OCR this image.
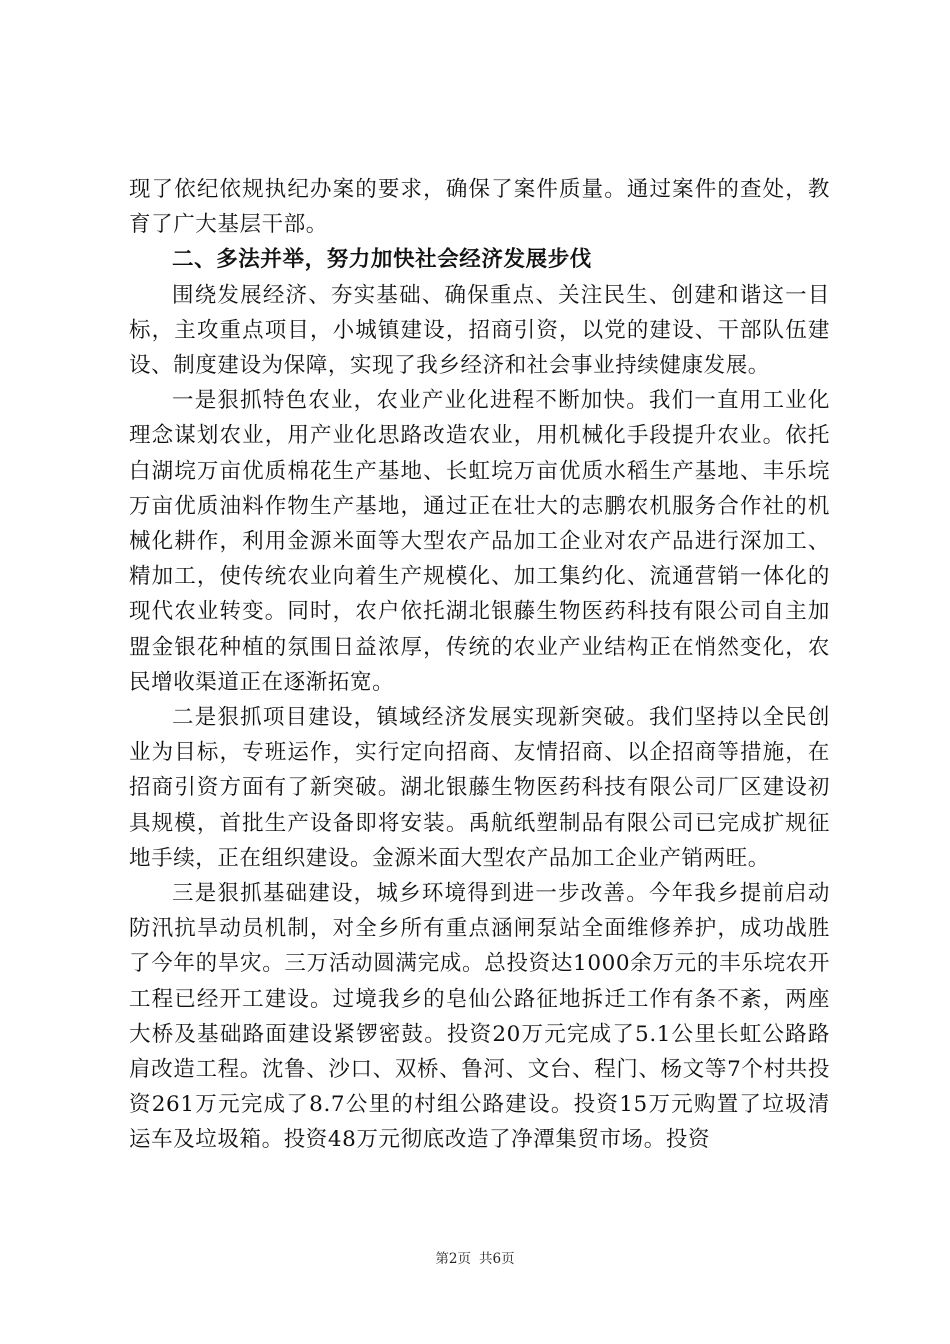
现了依纪依规执纪办案的要求，确保了案件质量。通过案件的查处，教育了广大基层干部。

二、多法并举，努力加快社会经济发展步伐

围绕发展经济、夯实基础、确保重点、关注民生、创建和谐这一目标，主攻重点项目，小城镇建设，招商引资，以党的建设、干部队伍建设、制度建设为保障，实现了我乡经济和社会事业持续健康发展。

一是狠抓特色农业，农业产业化进程不断加快。我们一直用工业化理念谋划农业，用产业化思路改造农业，用机械化手段提升农业。依托白湖垸万亩优质棉花生产基地、长虹垸万亩优质水稻生产基地、丰乐垸万亩优质油料作物生产基地，通过正在壮大的志鹏农机服务合作社的机械化耕作，利用金源米面等大型农产品加工企业对农产品进行深加工、精加工，使传统农业向着生产规模化、加工集约化、流通营销一体化的现代农业转变。同时，农户依托湖北银藤生物医药科技有限公司自主加盟金银花种植的氛围日益浓厚，传统的农业产业结构正在悄然变化，农民增收渠道正在逐渐拓宽。

二是狠抓项目建设，镇域经济发展实现新突破。我们坚持以全民创业为目标，专班运作，实行定向招商、友情招商、以企招商等措施，在招商引资方面有了新突破。湖北银藤生物医药科技有限公司厂区建设初具规模，首批生产设备即将安装。禹航纸塑制品有限公司已完成扩规征地手续，正在组织建设。金源米面大型农产品加工企业产销两旺。

三是狠抓基础建设，城乡环境得到进一步改善。今年我乡提前启动防汛抗旱动员机制，对全乡所有重点涵闸泵站全面维修养护，成功战胜了今年的旱灾。三万活动圆满完成。总投资达1000余万元的丰乐垸农开工程已经开工建设。过境我乡的皂仙公路征地拆迁工作有条不紊，两座大桥及基础路面建设紧锣密鼓。投资20万元完成了5.1公里长虹公路路肩改造工程。沈鲁、沙口、双桥、鲁河、文台、程门、杨文等7个村共投资261万元完成了8.7公里的村组公路建设。投资15万元购置了垃圾清运车及垃圾箱。投资48万元彻底改造了净潭集贸市场。投资

第2页 共6页
